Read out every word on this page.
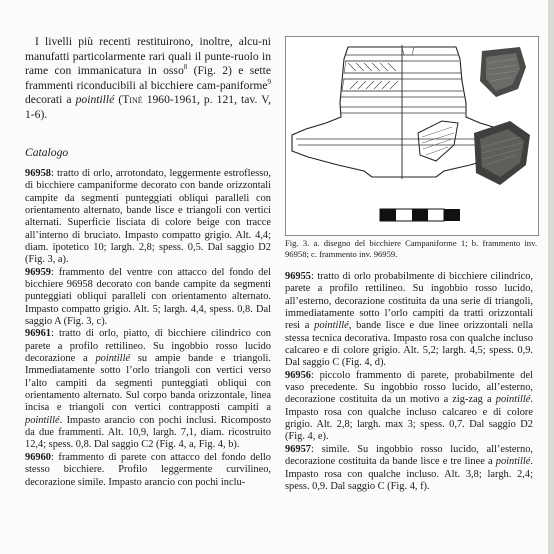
I livelli più recenti restituirono, inoltre, alcu-ni manufatti particolarmente rari quali il punte-ruolo in rame con immanicatura in osso$^8$ (Fig. 2) e sette frammenti riconducibili al bicchiere cam-paniforme$^9$ decorati a pointillé (Tinè 1960-1961, p. 121, tav. V, 1-6).

Catalogo

96958: tratto di orlo, arrotondato, leggermente estroflesso, di bicchiere campaniforme decorato con bande orizzontali campite da segmenti punteggiati obliqui paralleli con orientamento alternato, bande lisce e triangoli con vertici alternati. Superficie lisciata di colore beige con tracce all’interno di bruciato. Impasto compatto grigio. Alt. 4,4; diam. ipotetico 10; largh. 2,8; spess. 0,5. Dal saggio D2 (Fig. 3, a).

96959: frammento del ventre con attacco del fondo del bicchiere 96958 decorato con bande campite da segmenti punteggiati obliqui paralleli con orientamento alternato. Impasto compatto grigio. Alt. 5; largh. 4,4, spess. 0,8. Dal saggio A (Fig. 3, c).

96961: tratto di orlo, piatto, di bicchiere cilindrico con parete a profilo rettilineo. Su ingobbio rosso lucido decorazione a pointillé su ampie bande e triangoli. Immediatamente sotto l’orlo triangoli con vertici verso l’alto campiti da segmenti punteggiati obliqui con orientamento alternato. Sul corpo banda orizzontale, linea incisa e triangoli con vertici contrapposti campiti a pointillé. Impasto arancio con pochi inclusi. Ricomposto da due frammenti. Alt. 10,9, largh. 7,1, diam. ricostruito 12,4; spess. 0,8. Dal saggio C2 (Fig. 4, a, Fig. 4, b).

96960: frammento di parete con attacco del fondo dello stesso bicchiere. Profilo leggermente curvilineo, decorazione simile. Impasto arancio con pochi inclu-

Fig. 3. a. disegno del bicchiere Campaniforme 1; b. frammento inv. 96958; c. frammento inv. 96959.

96955: tratto di orlo probabilmente di bicchiere cilindrico, parete a profilo rettilineo. Su ingobbio rosso lucido, all’esterno, decorazione costituita da una serie di triangoli, immediatamente sotto l’orlo campiti da tratti orizzontali resi a pointillé, bande lisce e due linee orizzontali nella stessa tecnica decorativa. Impasto rosa con qualche incluso calcareo e di colore grigio. Alt. 5,2; largh. 4,5; spess. 0,9. Dal saggio C (Fig. 4, d).

96956: piccolo frammento di parete, probabilmente del vaso precedente. Su ingobbio rosso lucido, all’esterno, decorazione costituita da un motivo a zig-zag a pointillé. Impasto rosa con qualche incluso calcareo e di colore grigio. Alt. 2,8; largh. max 3; spess. 0,7. Dal saggio D2 (Fig. 4, e).

96957: simile. Su ingobbio rosso lucido, all’esterno, decorazione costituita da bande lisce e tre linee a pointillé. Impasto rosa con qualche incluso. Alt. 3,8; largh. 2,4; spess. 0,9. Dal saggio C (Fig. 4, f).
